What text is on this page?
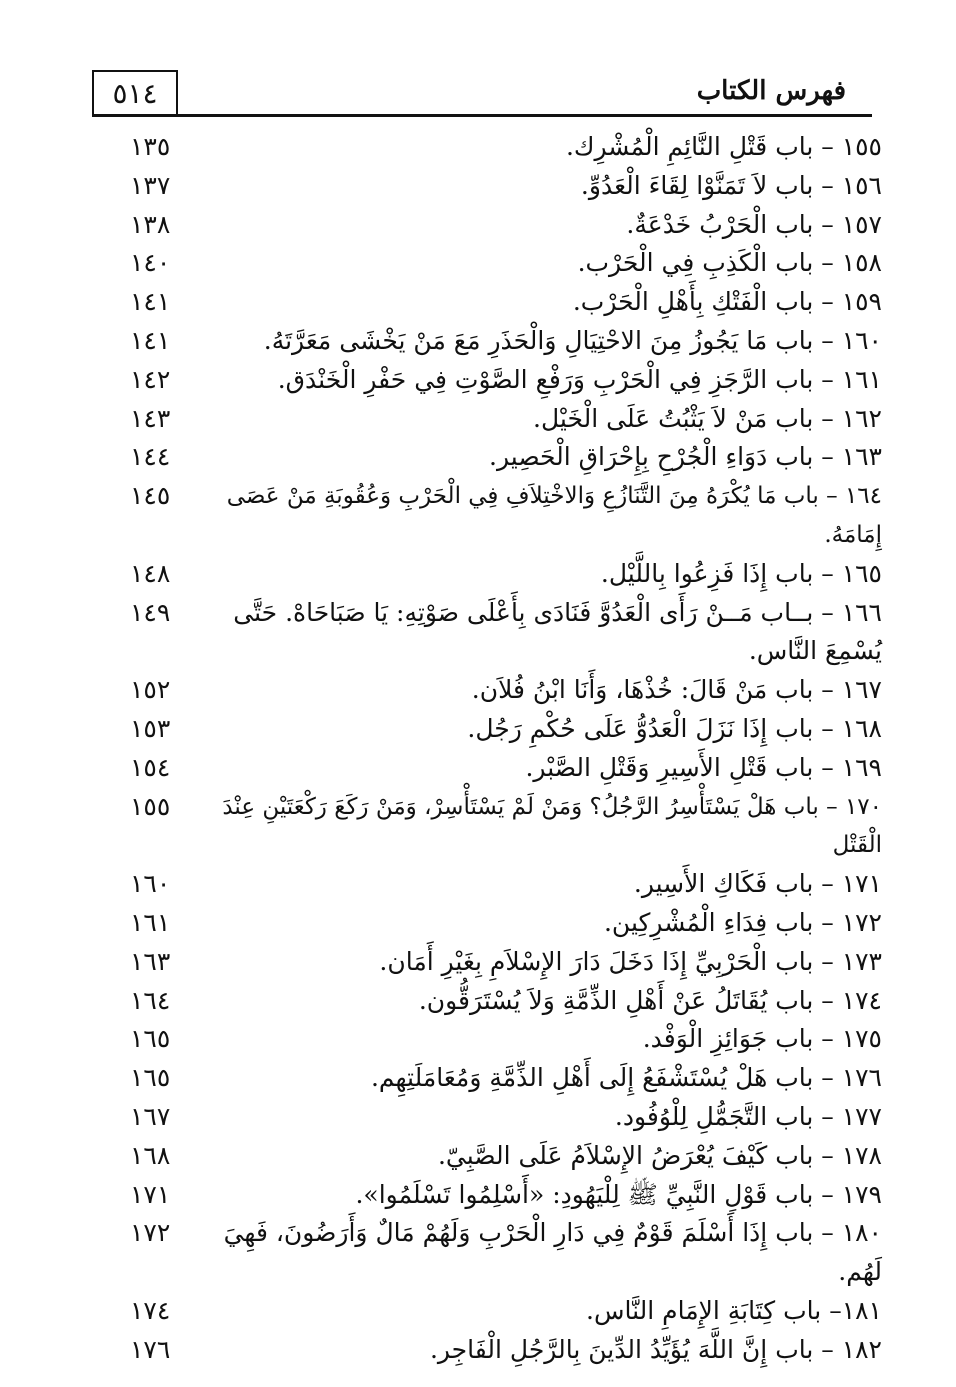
٥١٤	فهرس الكتاب
١٣٥	١٥٥ – باب قَتْلِ النَّائِمِ الْمُشْرِك.
١٣٧	١٥٦ – باب لاَ تَمَنَّوْا لِقَاءَ الْعَدُوِّ.
١٣٨	١٥٧ – باب الْحَرْبُ خَدْعَةٌ.
١٤٠	١٥٨ – باب الْكَذِبِ فِي الْحَرْب.
١٤١	١٥٩ – باب الْفَتْكِ بِأَهْلِ الْحَرْب.
١٤١	١٦٠ – باب مَا يَجُوزُ مِنَ الاحْتِيَالِ وَالْحَذَرِ مَعَ مَنْ يَخْشَى مَعَرَّتَهُ.
١٤٢	١٦١ – باب الرَّجَزِ فِي الْحَرْبِ وَرَفْعِ الصَّوْتِ فِي حَفْرِ الْخَنْدَق.
١٤٣	١٦٢ – باب مَنْ لاَ يَثْبُتُ عَلَى الْخَيْل.
١٤٤	١٦٣ – باب دَوَاءِ الْجُرْحِ بِإِحْرَاقِ الْحَصِير.
١٤٥	١٦٤ – باب مَا يُكْرَهُ مِنَ التَّنَازُعِ وَالاخْتِلاَفِ فِي الْحَرْبِ وَعُقُوبَةِ مَنْ عَصَى إِمَامَهُ.
١٤٨	١٦٥ – باب إِذَا فَزِعُوا بِاللَّيْل.
١٤٩	١٦٦ – بــاب مَــنْ رَأَى الْعَدُوَّ فَنَادَى بِأَعْلَى صَوْتِهِ: يَا صَبَاحَاهْ. حَتَّى يُسْمِعَ النَّاس.
١٥٢	١٦٧ – باب مَنْ قَالَ: خُذْهَا، وَأَنَا ابْنُ فُلاَن.
١٥٣	١٦٨ – باب إِذَا نَزَلَ الْعَدُوُّ عَلَى حُكْمِ رَجُل.
١٥٤	١٦٩ – باب قَتْلِ الأَسِيرِ وَقَتْلِ الصَّبْر.
١٥٥	١٧٠ – باب هَلْ يَسْتَأْسِرُ الرَّجُلُ؟ وَمَنْ لَمْ يَسْتَأْسِرْ، وَمَنْ رَكَعَ رَكْعَتَيْنِ عِنْدَ الْقَتْل
١٦٠	١٧١ – باب فَكَاكِ الأَسِير.
١٦١	١٧٢ – باب فِدَاءِ الْمُشْرِكِين.
١٦٣	١٧٣ – باب الْحَرْبِيِّ إِذَا دَخَلَ دَارَ الإِسْلاَمِ بِغَيْرِ أَمَان.
١٦٤	١٧٤ – باب يُقَاتَلُ عَنْ أَهْلِ الذِّمَّةِ وَلاَ يُسْتَرَقُّون.
١٦٥	١٧٥ – باب جَوَائِزِ الْوَفْد.
١٦٥	١٧٦ – باب هَلْ يُسْتَشْفَعُ إِلَى أَهْلِ الذِّمَّةِ وَمُعَامَلَتِهِم.
١٦٧	١٧٧ – باب التَّجَمُّلِ لِلْوُفُود.
١٦٨	١٧٨ – باب كَيْفَ يُعْرَضُ الإِسْلاَمُ عَلَى الصَّبِيّ.
١٧١	١٧٩ – باب قَوْلِ النَّبِيِّ ﷺ لِلْيَهُودِ: «أَسْلِمُوا تَسْلَمُوا».
١٧٢	١٨٠ – باب إِذَا أَسْلَمَ قَوْمٌ فِي دَارِ الْحَرْبِ وَلَهُمْ مَالٌ وَأَرَضُونَ، فَهِيَ لَهُم.
١٧٤	١٨١– باب كِتَابَةِ الإِمَامِ النَّاس.
١٧٦	١٨٢ – باب إِنَّ اللَّهَ يُؤَيِّدُ الدِّينَ بِالرَّجُلِ الْفَاجِر.
